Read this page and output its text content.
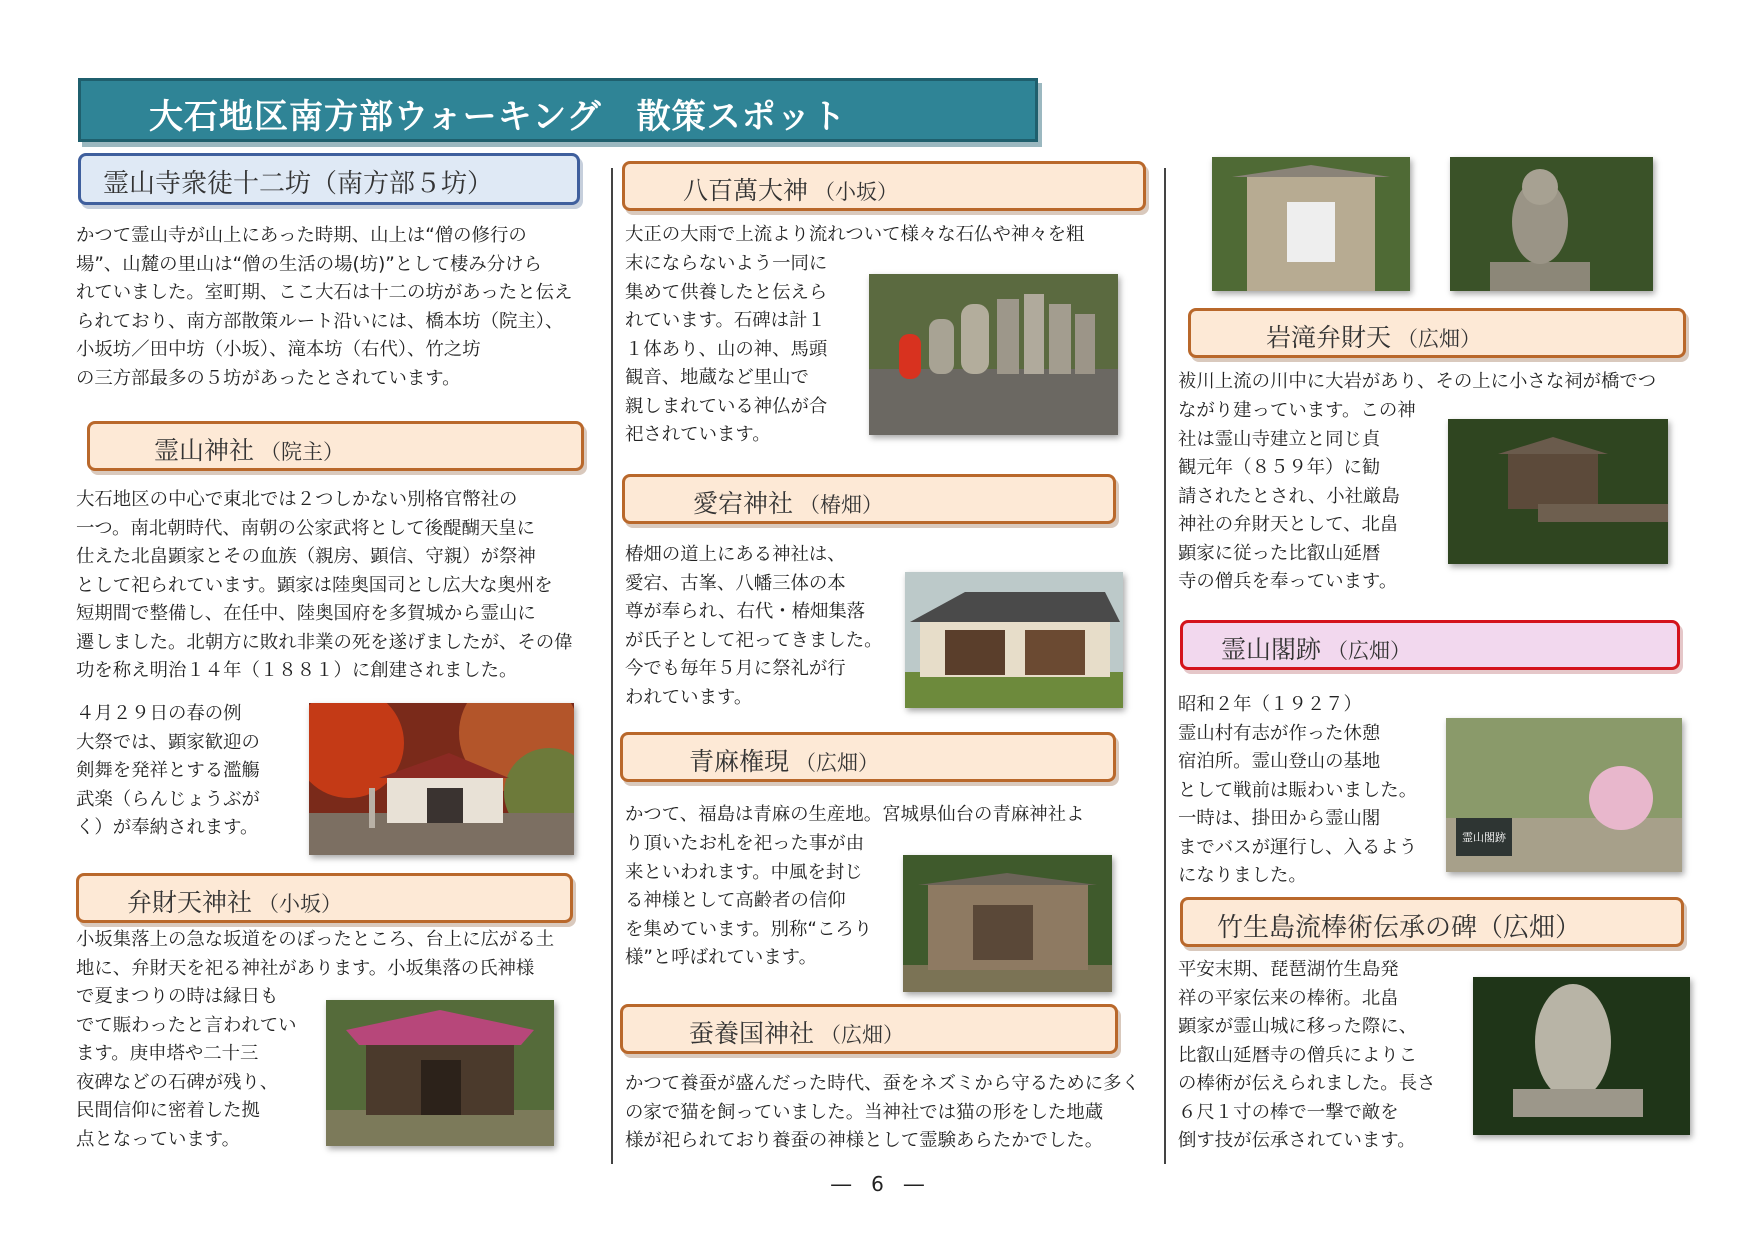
大石地区南方部ウォーキング　散策スポット
霊山寺衆徒十二坊（南方部５坊）
かつて霊山寺が山上にあった時期、山上は“僧の修行の
場”、山麓の里山は“僧の生活の場(坊)”として棲み分けら
れていました。室町期、ここ大石は十二の坊があったと伝え
られており、南方部散策ルート沿いには、橋本坊（院主）、
小坂坊／田中坊（小坂）、滝本坊（右代）、竹之坊
の三方部最多の５坊があったとされています。
霊山神社 （院主）
大石地区の中心で東北では２つしかない別格官幣社の
一つ。南北朝時代、南朝の公家武将として後醍醐天皇に
仕えた北畠顕家とその血族（親房、顕信、守親）が祭神
として祀られています。顕家は陸奥国司とし広大な奥州を
短期間で整備し、在任中、陸奥国府を多賀城から霊山に
遷しました。北朝方に敗れ非業の死を遂げましたが、その偉
功を称え明治１４年（１８８１）に創建されました。
４月２９日の春の例
大祭では、顕家歓迎の
剣舞を発祥とする濫觴
武楽（らんじょうぶが
く）が奉納されます。
弁財天神社 （小坂）
小坂集落上の急な坂道をのぼったところ、台上に広がる土
地に、弁財天を祀る神社があります。小坂集落の氏神様
で夏まつりの時は縁日も
でて賑わったと言われてい
ます。庚申塔や二十三
夜碑などの石碑が残り、
民間信仰に密着した拠
点となっています。
八百萬大神 （小坂）
大正の大雨で上流より流れついて様々な石仏や神々を粗
末にならないよう一同に
集めて供養したと伝えら
れています。石碑は計１
１体あり、山の神、馬頭
観音、地蔵など里山で
親しまれている神仏が合
祀されています。
愛宕神社 （椿畑）
椿畑の道上にある神社は、
愛宕、古峯、八幡三体の本
尊が奉られ、右代・椿畑集落
が氏子として祀ってきました。
今でも毎年５月に祭礼が行
われています。
青麻権現 （広畑）
かつて、福島は青麻の生産地。宮城県仙台の青麻神社よ
り頂いたお札を祀った事が由
来といわれます。中風を封じ
る神様として高齢者の信仰
を集めています。別称“ころり
様”と呼ばれています。
蚕養国神社 （広畑）
かつて養蚕が盛んだった時代、蚕をネズミから守るために多く
の家で猫を飼っていました。当神社では猫の形をした地蔵
様が祀られており養蚕の神様として霊験あらたかでした。
岩滝弁財天 （広畑）
袚川上流の川中に大岩があり、その上に小さな祠が橋でつ
ながり建っています。この神
社は霊山寺建立と同じ貞
観元年（８５９年）に勧
請されたとされ、小社厳島
神社の弁財天として、北畠
顕家に従った比叡山延暦
寺の僧兵を奉っています。
霊山閣跡 （広畑）
昭和２年（１９２７）
霊山村有志が作った休憩
宿泊所。霊山登山の基地
として戦前は賑わいました。
一時は、掛田から霊山閣
までバスが運行し、入るよう
になりました。
霊山閣跡
竹生島流棒術伝承の碑（広畑）
平安末期、琵琶湖竹生島発
祥の平家伝来の棒術。北畠
顕家が霊山城に移った際に、
比叡山延暦寺の僧兵によりこ
の棒術が伝えられました。長さ
６尺１寸の棒で一撃で敵を
倒す技が伝承されています。
―　6　―
